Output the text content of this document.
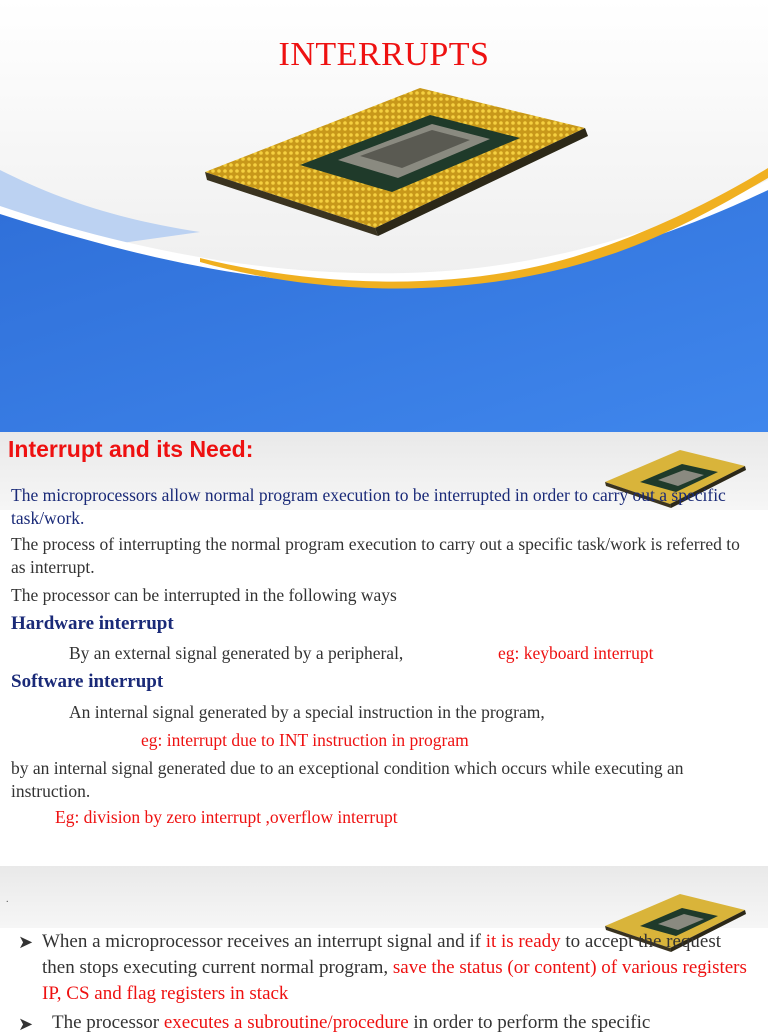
INTERRUPTS
Interrupt and its Need:
The microprocessors allow normal program execution to be interrupted in order to carry out a specific task/work.
The process of interrupting the normal program execution to carry out a specific task/work is referred to as interrupt.
The processor can be interrupted in the following ways
Hardware interrupt
By an external signal generated by a peripheral,	eg: keyboard interrupt
Software interrupt
An internal signal generated by a special instruction in the program,
eg: interrupt due to INT instruction in program
by an internal signal generated due to an exceptional condition which occurs while executing an instruction.
Eg: division by zero interrupt ,overflow interrupt
.
➤ When a microprocessor receives an interrupt signal and if it is ready to accept the request then stops executing current normal program, save the status (or content) of various registers IP, CS and flag registers in stack
➤ The processor executes a subroutine/procedure in order to perform the specific
